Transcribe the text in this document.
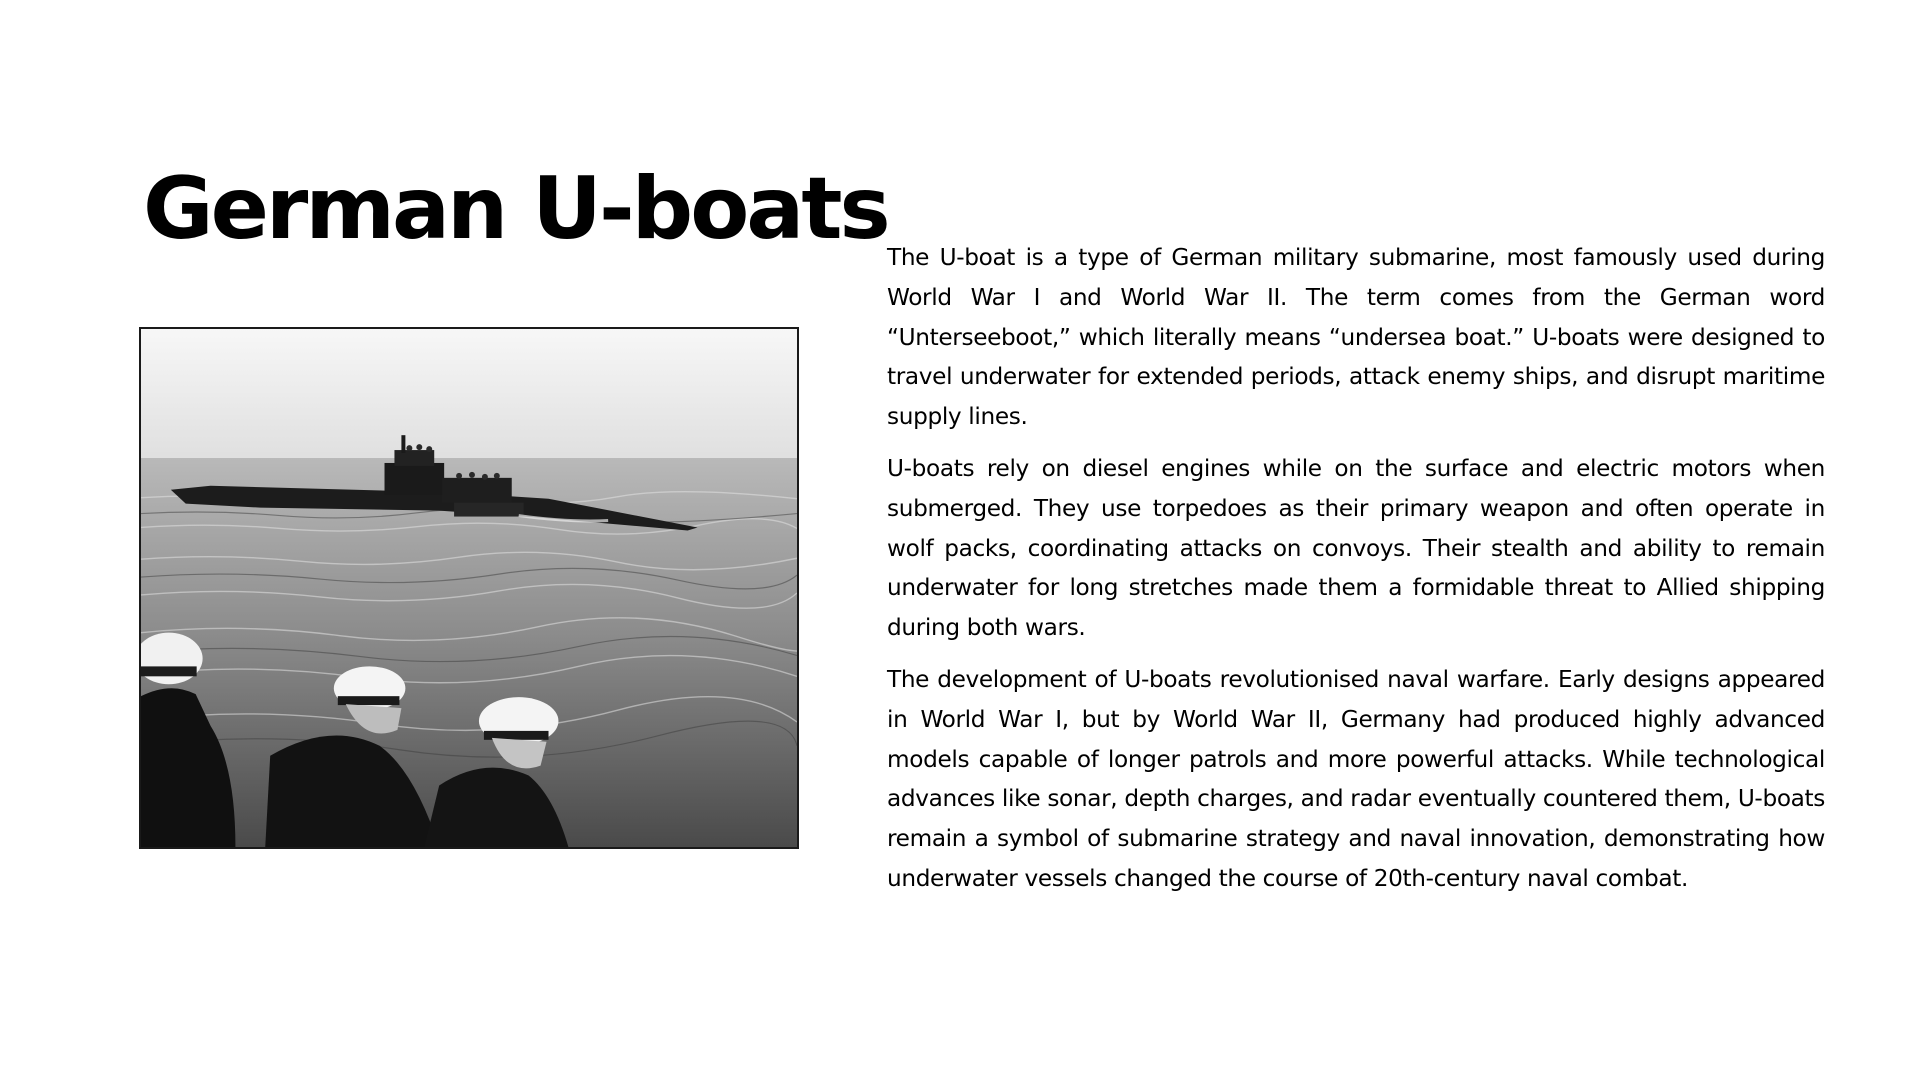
German U-boats The U-boat is a type of German military submarine, most famously used during World War I and World War II. The term comes from the German word “Unterseeboot,” which literally means “undersea boat.” U-boats were designed to travel underwater for extended periods, attack enemy ships, and disrupt maritime supply lines.

U-boats rely on diesel engines while on the surface and electric motors when submerged. They use torpedoes as their primary weapon and often operate in wolf packs, coordinating attacks on convoys. Their stealth and ability to remain underwater for long stretches made them a formidable threat to Allied shipping during both wars.

The development of U-boats revolutionised naval warfare. Early designs appeared in World War I, but by World War II, Germany had produced highly advanced models capable of longer patrols and more powerful attacks. While technological advances like sonar, depth charges, and radar eventually countered them, U-boats remain a symbol of submarine strategy and naval innovation, demonstrating how underwater vessels changed the course of 20th-century naval combat.
